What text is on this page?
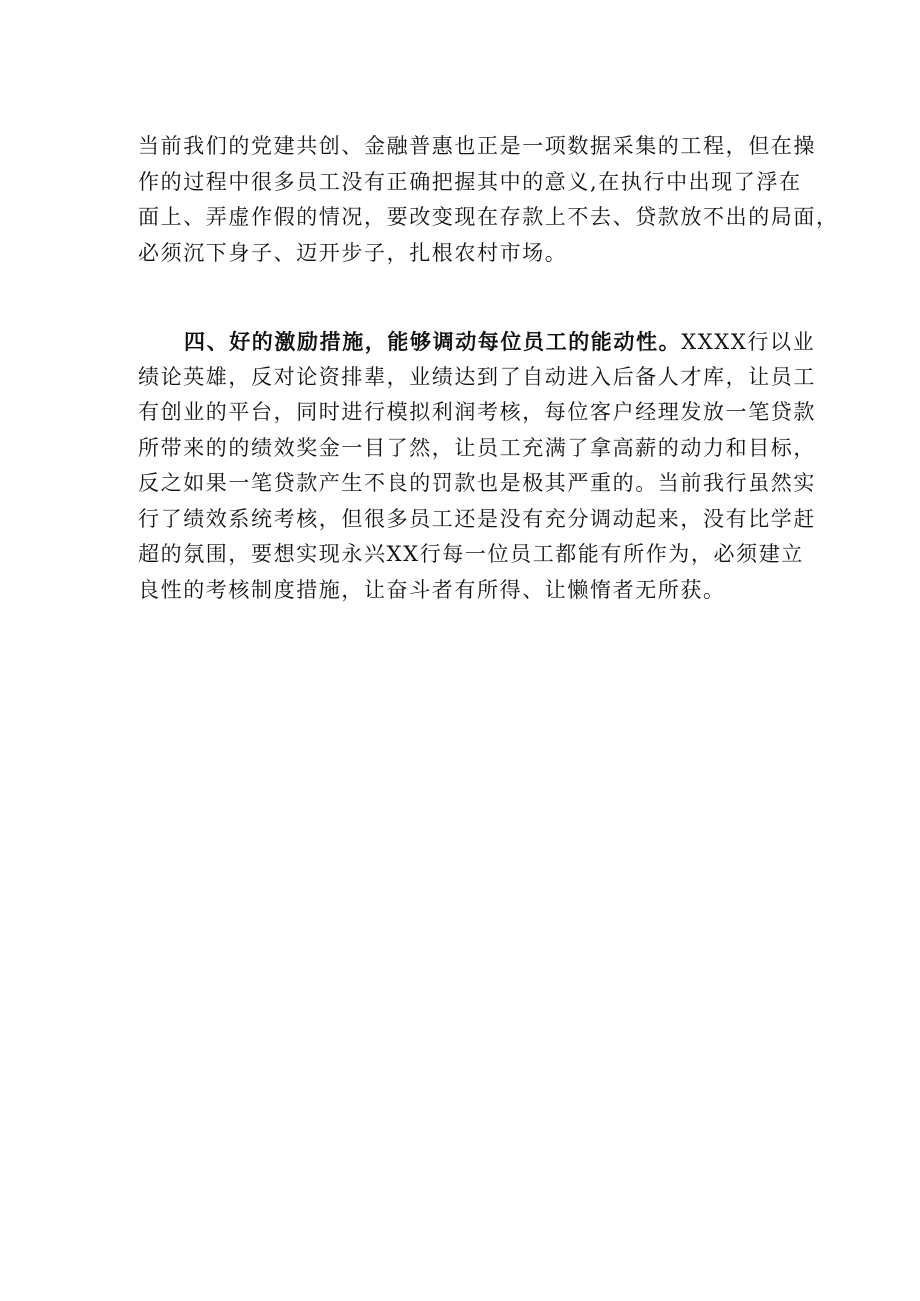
当前我们的党建共创、金融普惠也正是一项数据采集的工程，但在操
作的过程中很多员工没有正确把握其中的意义,在执行中出现了浮在
面上、弄虚作假的情况，要改变现在存款上不去、贷款放不出的局面，
必须沉下身子、迈开步子，扎根农村市场。
四、好的激励措施，能够调动每位员工的能动性。XXXX行以业
绩论英雄，反对论资排辈，业绩达到了自动进入后备人才库，让员工
有创业的平台，同时进行模拟利润考核，每位客户经理发放一笔贷款
所带来的的绩效奖金一目了然，让员工充满了拿高薪的动力和目标，
反之如果一笔贷款产生不良的罚款也是极其严重的。当前我行虽然实
行了绩效系统考核，但很多员工还是没有充分调动起来，没有比学赶
超的氛围，要想实现永兴XX行每一位员工都能有所作为，必须建立
良性的考核制度措施，让奋斗者有所得、让懒惰者无所获。
